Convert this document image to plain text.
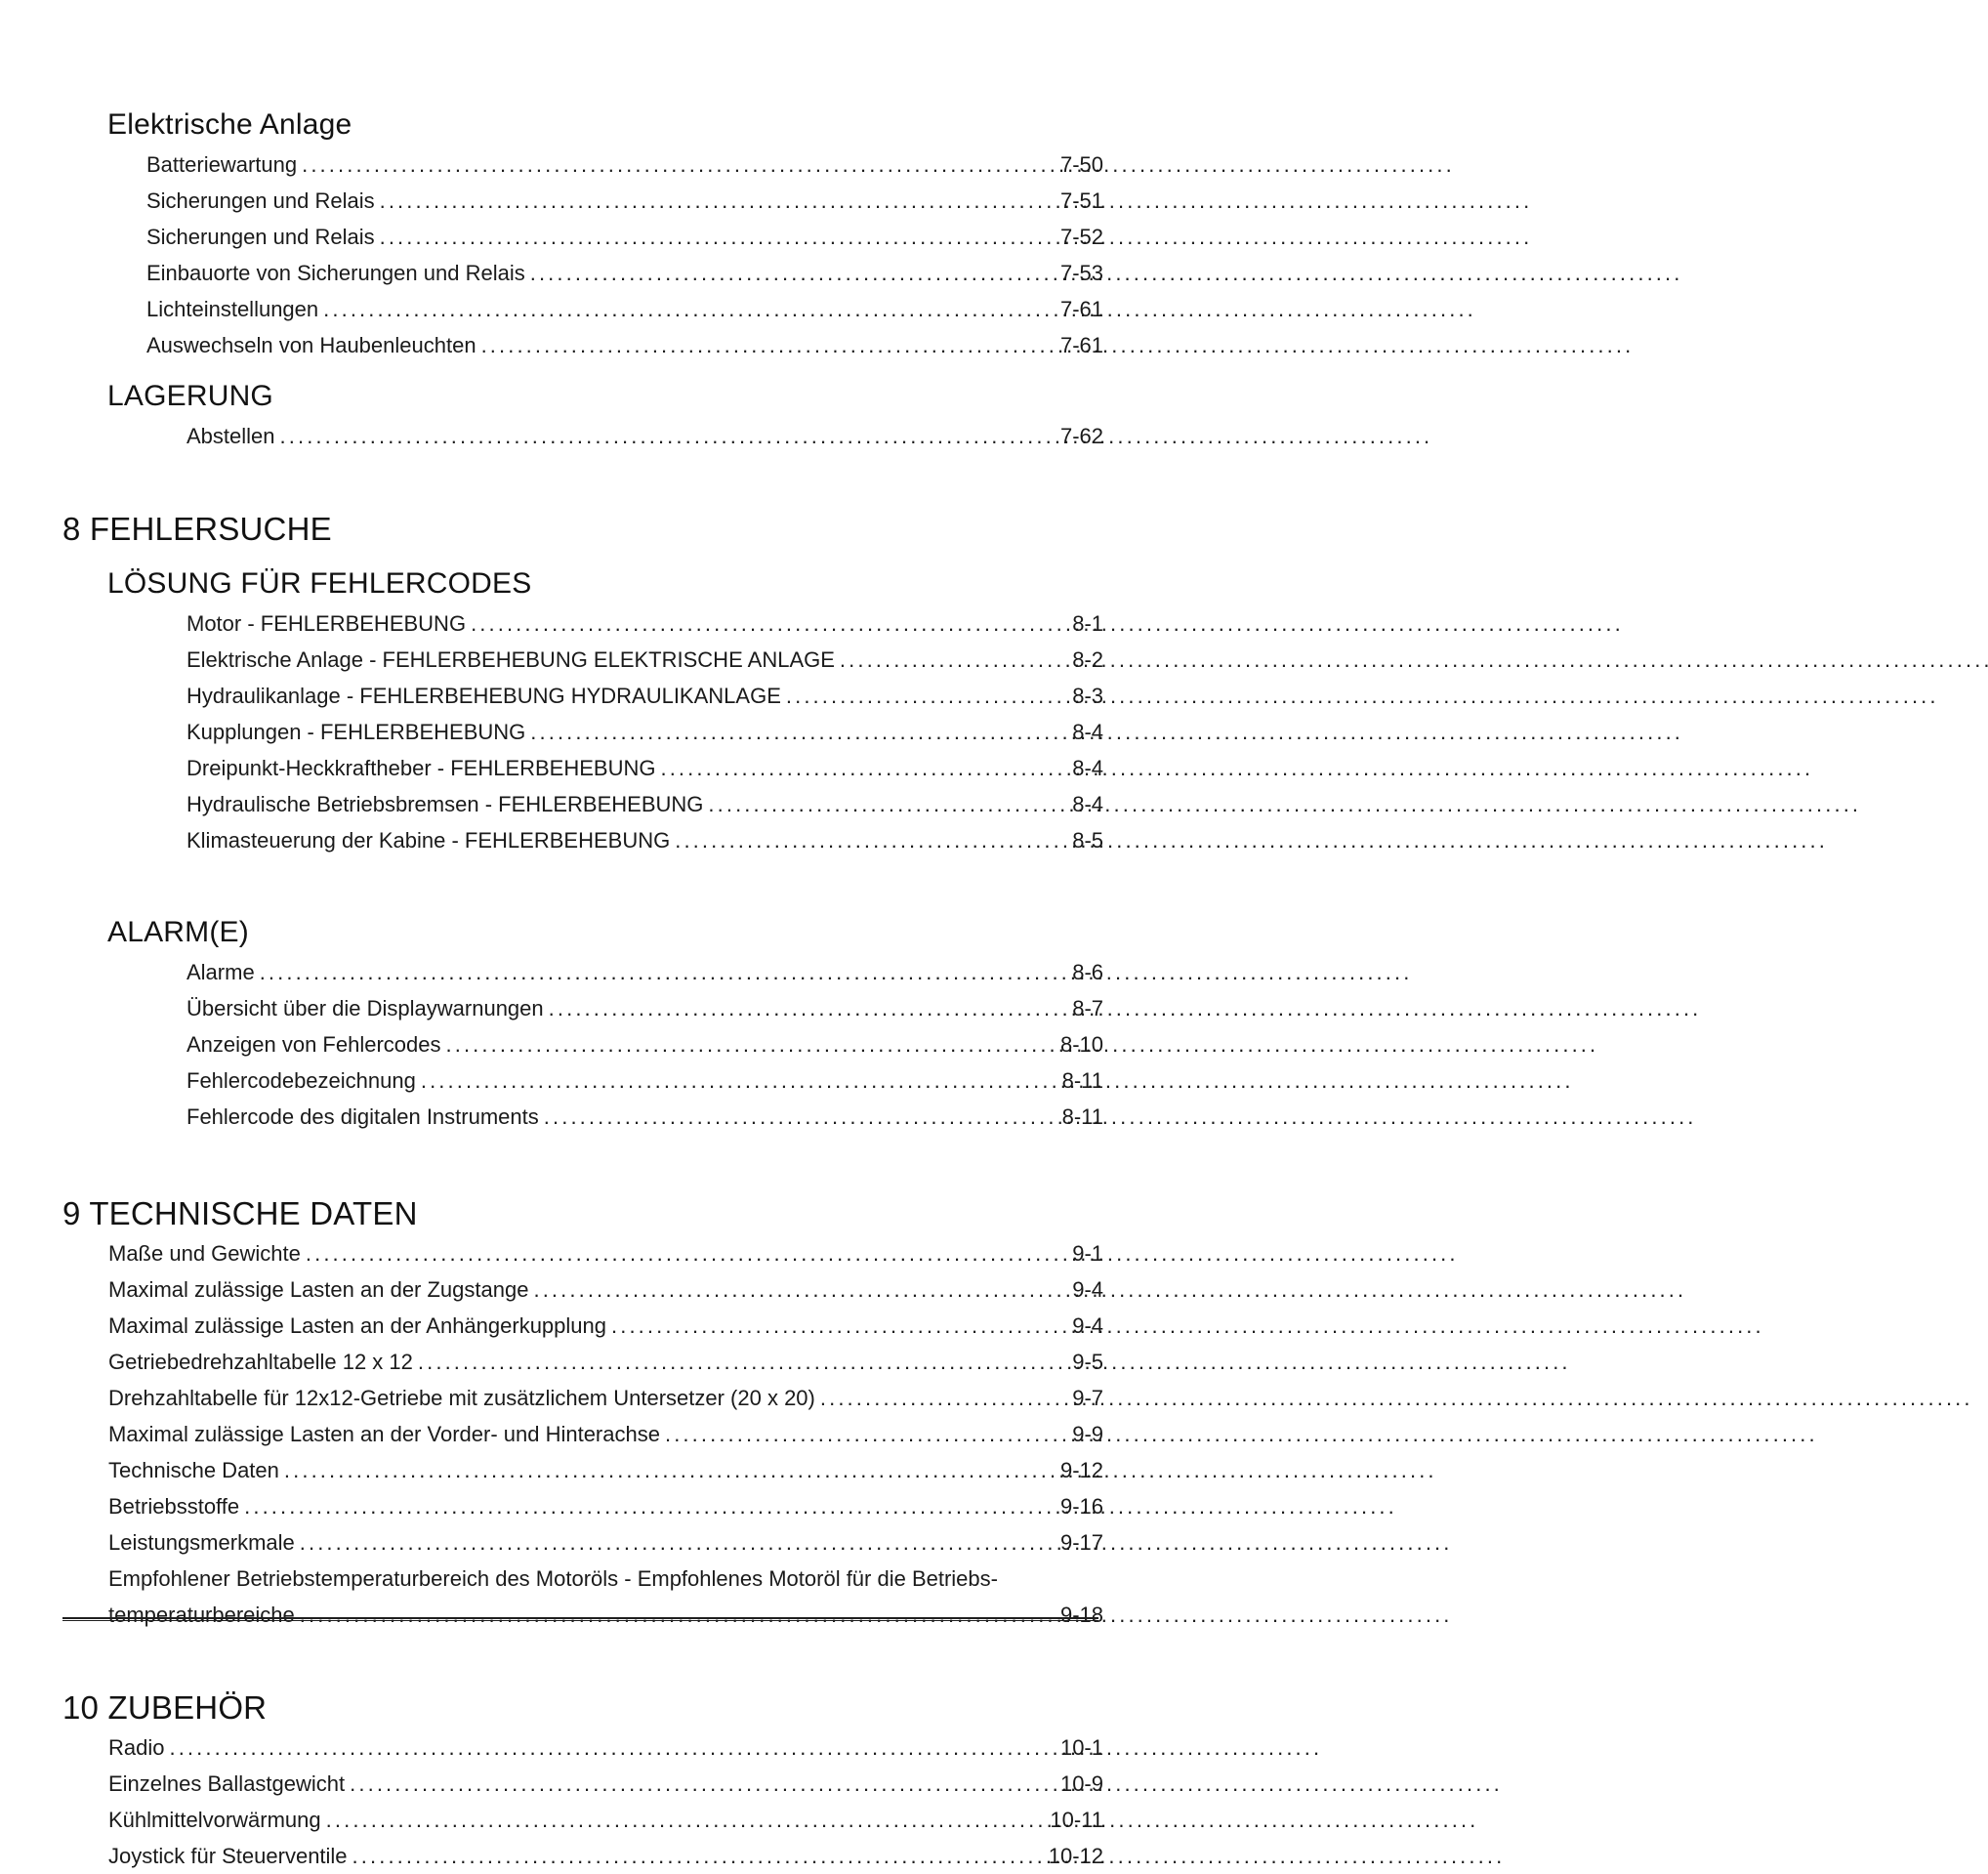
Elektrische Anlage
Batteriewartung . . .	7-50
Sicherungen und Relais . . .	7-51
Sicherungen und Relais . . .	7-52
Einbauorte von Sicherungen und Relais . . .	7-53
Lichteinstellungen . . .	7-61
Auswechseln von Haubenleuchten . . .	7-61
LAGERUNG
Abstellen . . .	7-62
8 FEHLERSUCHE
LÖSUNG FÜR FEHLERCODES
Motor - FEHLERBEHEBUNG . . .	8-1
Elektrische Anlage - FEHLERBEHEBUNG ELEKTRISCHE ANLAGE . . .	8-2
Hydraulikanlage - FEHLERBEHEBUNG HYDRAULIKANLAGE . . .	8-3
Kupplungen - FEHLERBEHEBUNG . . .	8-4
Dreipunkt-Heckkraftheber - FEHLERBEHEBUNG . . .	8-4
Hydraulische Betriebsbremsen - FEHLERBEHEBUNG . . .	8-4
Klimasteuerung der Kabine - FEHLERBEHEBUNG . . .	8-5
ALARM(E)
Alarme . . .	8-6
Übersicht über die Displaywarnungen . . .	8-7
Anzeigen von Fehlercodes . . .	8-10
Fehlercodebezeichnung . . .	8-11
Fehlercode des digitalen Instruments . . .	8-11
9 TECHNISCHE DATEN
Maße und Gewichte . . .	9-1
Maximal zulässige Lasten an der Zugstange . . .	9-4
Maximal zulässige Lasten an der Anhängerkupplung . . .	9-4
Getriebedrehzahltabelle 12 x 12 . . .	9-5
Drehzahltabelle für 12x12-Getriebe mit zusätzlichem Untersetzer (20 x 20) . . .	9-7
Maximal zulässige Lasten an der Vorder- und Hinterachse . . .	9-9
Technische Daten . . .	9-12
Betriebsstoffe . . .	9-16
Leistungsmerkmale . . .	9-17
Empfohlener Betriebstemperaturbereich des Motoröls - Empfohlenes Motoröl für die Betriebs-
temperaturbereiche . . .	9-18
10 ZUBEHÖR
Radio . . .	10-1
Einzelnes Ballastgewicht . . .	10-9
Kühlmittelvorwärmung . . .	10-11
Joystick für Steuerventile . . .	10-12
